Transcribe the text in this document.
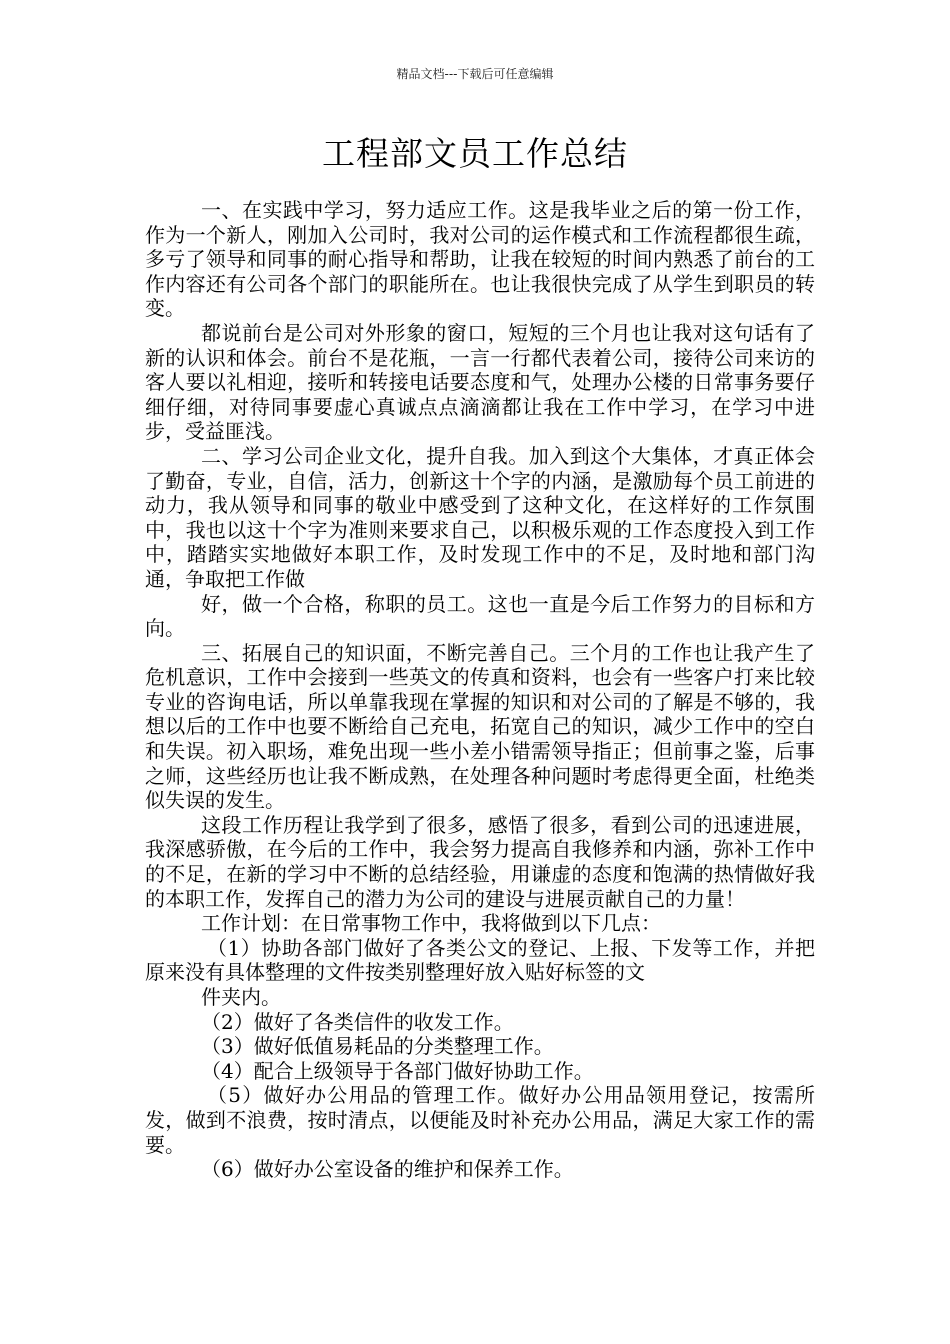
精品文档---下载后可任意编辑
工程部文员工作总结

一、在实践中学习，努力适应工作。这是我毕业之后的第一份工作，作为一个新人，刚加入公司时，我对公司的运作模式和工作流程都很生疏，多亏了领导和同事的耐心指导和帮助，让我在较短的时间内熟悉了前台的工作内容还有公司各个部门的职能所在。也让我很快完成了从学生到职员的转变。

都说前台是公司对外形象的窗口，短短的三个月也让我对这句话有了新的认识和体会。前台不是花瓶，一言一行都代表着公司，接待公司来访的客人要以礼相迎，接听和转接电话要态度和气，处理办公楼的日常事务要仔细仔细，对待同事要虚心真诚点点滴滴都让我在工作中学习，在学习中进步，受益匪浅。

二、学习公司企业文化，提升自我。加入到这个大集体，才真正体会了勤奋，专业，自信，活力，创新这十个字的内涵，是激励每个员工前进的动力，我从领导和同事的敬业中感受到了这种文化，在这样好的工作氛围中，我也以这十个字为准则来要求自己，以积极乐观的工作态度投入到工作中，踏踏实实地做好本职工作，及时发现工作中的不足，及时地和部门沟通，争取把工作做

好，做一个合格，称职的员工。这也一直是今后工作努力的目标和方向。

三、拓展自己的知识面，不断完善自己。三个月的工作也让我产生了危机意识，工作中会接到一些英文的传真和资料，也会有一些客户打来比较专业的咨询电话，所以单靠我现在掌握的知识和对公司的了解是不够的，我想以后的工作中也要不断给自己充电，拓宽自己的知识，减少工作中的空白和失误。初入职场，难免出现一些小差小错需领导指正；但前事之鉴，后事之师，这些经历也让我不断成熟，在处理各种问题时考虑得更全面，杜绝类似失误的发生。

这段工作历程让我学到了很多，感悟了很多，看到公司的迅速进展，我深感骄傲，在今后的工作中，我会努力提高自我修养和内涵，弥补工作中的不足，在新的学习中不断的总结经验，用谦虚的态度和饱满的热情做好我的本职工作，发挥自己的潜力为公司的建设与进展贡献自己的力量！

工作计划：在日常事物工作中，我将做到以下几点：

（1）协助各部门做好了各类公文的登记、上报、下发等工作，并把原来没有具体整理的文件按类别整理好放入贴好标签的文

件夹内。

（2）做好了各类信件的收发工作。

（3）做好低值易耗品的分类整理工作。

（4）配合上级领导于各部门做好协助工作。

（5）做好办公用品的管理工作。做好办公用品领用登记，按需所发，做到不浪费，按时清点，以便能及时补充办公用品，满足大家工作的需要。

（6）做好办公室设备的维护和保养工作。
